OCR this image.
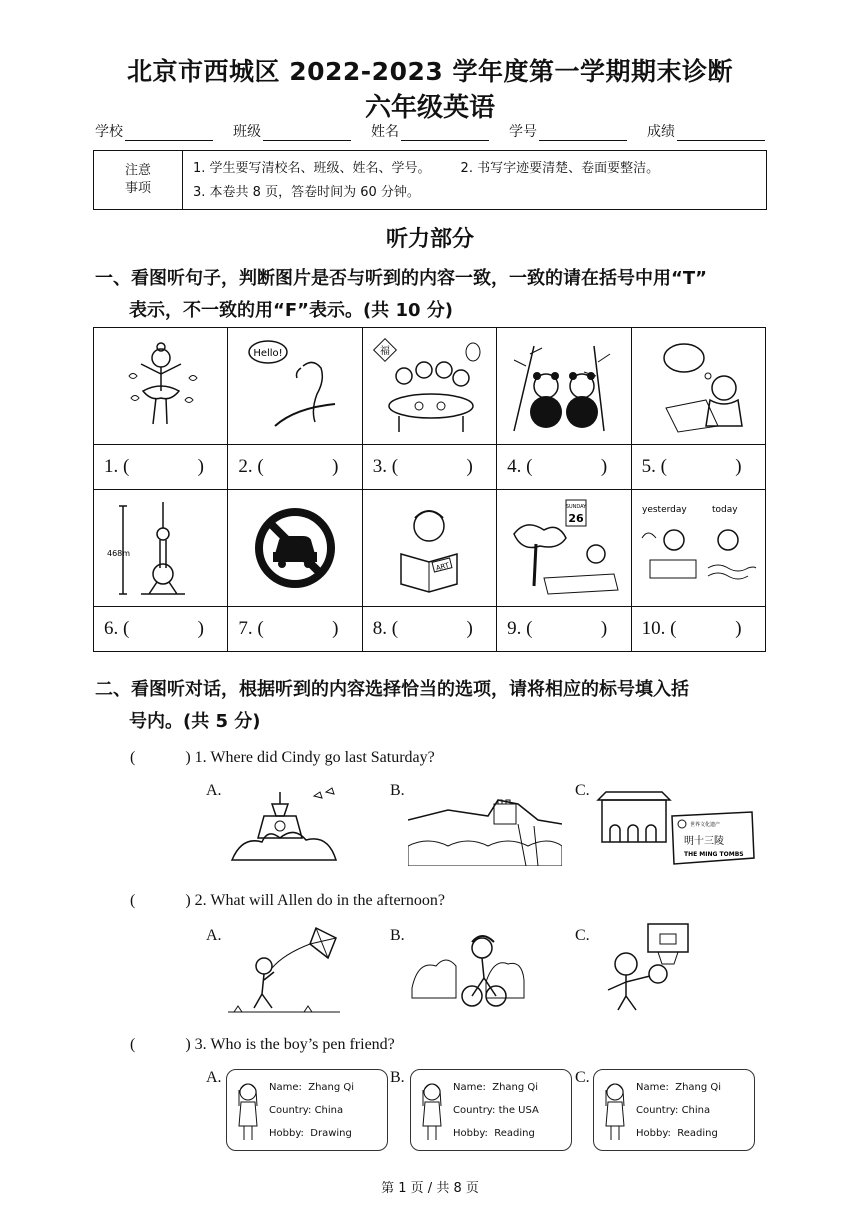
北京市西城区 2022-2023 学年度第一学期期末诊断
六年级英语
学校	班级	姓名	学号	成绩
注意
事项
1. 学生要写清校名、班级、姓名、学号。 2. 书写字迹要清楚、卷面要整洁。
3. 本卷共 8 页，答卷时间为 60 分钟。
听力部分
一、看图听句子，判断图片是否与听到的内容一致，一致的请在括号中用“T”
表示，不一致的用“F”表示。(共 10 分)

Hello!	福

1. ( )	2. ( )	3. ( )	4. ( )	5. ( )

468m		ART	SUNDAY
26	yesterday today

6. ( )	7. ( )	8. ( )	9. ( )	10. ( )
二、看图听对话，根据听到的内容选择恰当的选项，请将相应的标号填入括
号内。(共 5 分)
(	) 1. Where did Cindy go last Saturday?
A.	B.	C.
世界文化遗产
明十三陵
THE MING TOMBS
(	) 2. What will Allen do in the afternoon?
A.	B.	C.
(	) 3. Who is the boy’s pen friend?
A.
Name: Zhang Qi
Country: China
Hobby: Drawing
B.
Name: Zhang Qi
Country: the USA
Hobby: Reading
C.
Name: Zhang Qi
Country: China
Hobby: Reading
第 1 页 / 共 8 页
